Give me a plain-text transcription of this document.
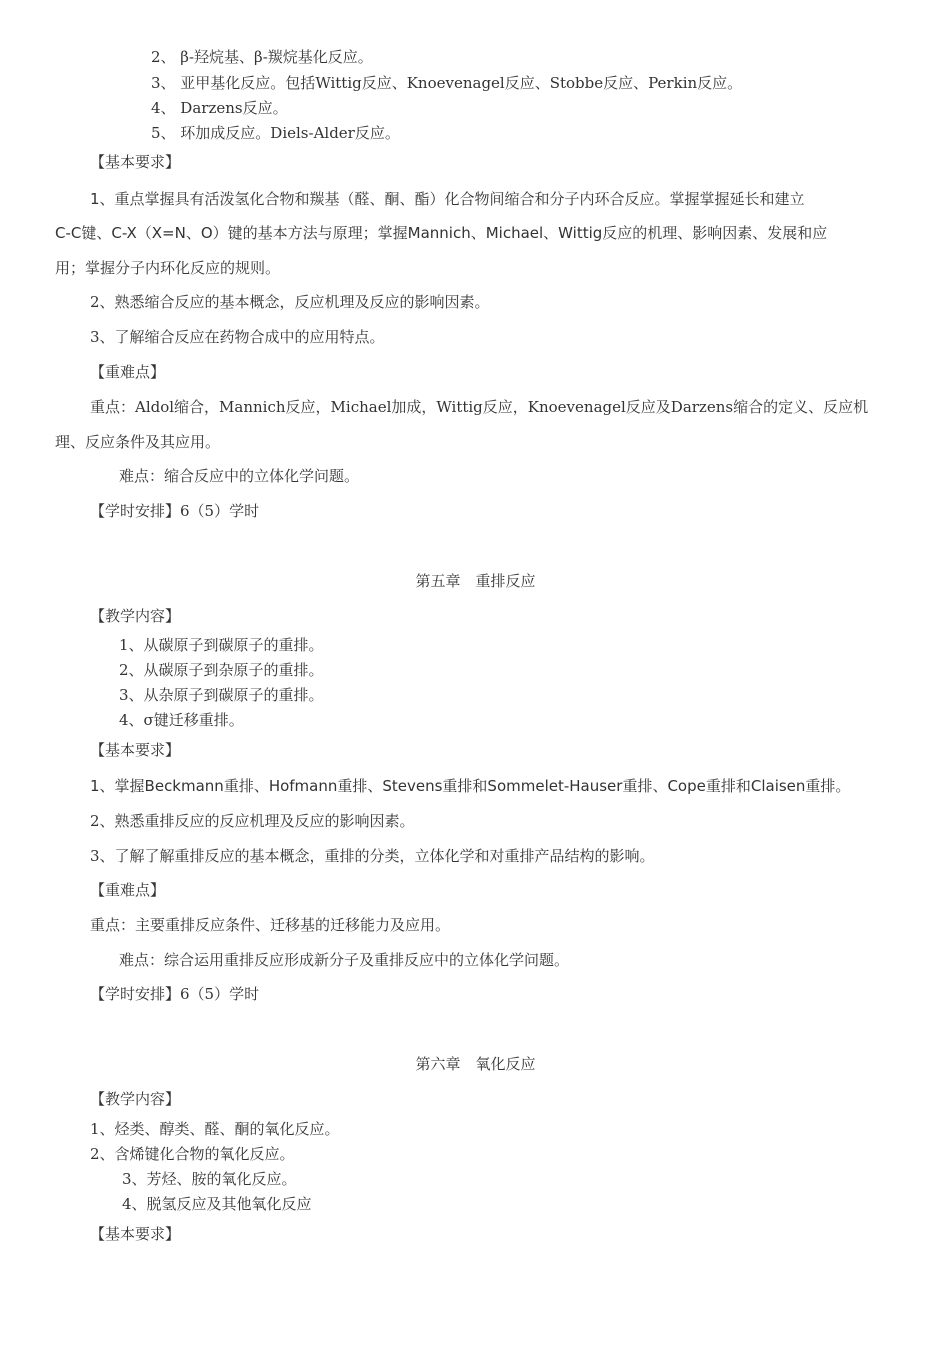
2、 β-羟烷基、β-羰烷基化反应。
3、 亚甲基化反应。包括Wittig反应、Knoevenagel反应、Stobbe反应、Perkin反应。
4、 Darzens反应。
5、 环加成反应。Diels-Alder反应。
【基本要求】
1、重点掌握具有活泼氢化合物和羰基（醛、酮、酯）化合物间缩合和分子内环合反应。掌握掌握延长和建立
C-C键、C-X（X=N、O）键的基本方法与原理；掌握Mannich、Michael、Wittig反应的机理、影响因素、发展和应
用；掌握分子内环化反应的规则。
2、熟悉缩合反应的基本概念，反应机理及反应的影响因素。
3、了解缩合反应在药物合成中的应用特点。
【重难点】
重点：Aldol缩合，Mannich反应，Michael加成，Wittig反应，Knoevenagel反应及Darzens缩合的定义、反应机
理、反应条件及其应用。
难点：缩合反应中的立体化学问题。
【学时安排】6（5）学时
第五章　重排反应
【教学内容】
1、从碳原子到碳原子的重排。
2、从碳原子到杂原子的重排。
3、从杂原子到碳原子的重排。
4、σ键迁移重排。
【基本要求】
1、掌握Beckmann重排、Hofmann重排、Stevens重排和Sommelet-Hauser重排、Cope重排和Claisen重排。
2、熟悉重排反应的反应机理及反应的影响因素。
3、了解了解重排反应的基本概念，重排的分类，立体化学和对重排产品结构的影响。
【重难点】
重点：主要重排反应条件、迁移基的迁移能力及应用。
难点：综合运用重排反应形成新分子及重排反应中的立体化学问题。
【学时安排】6（5）学时
第六章　氧化反应
【教学内容】
1、烃类、醇类、醛、酮的氧化反应。
2、含烯键化合物的氧化反应。
3、芳烃、胺的氧化反应。
4、脱氢反应及其他氧化反应
【基本要求】
